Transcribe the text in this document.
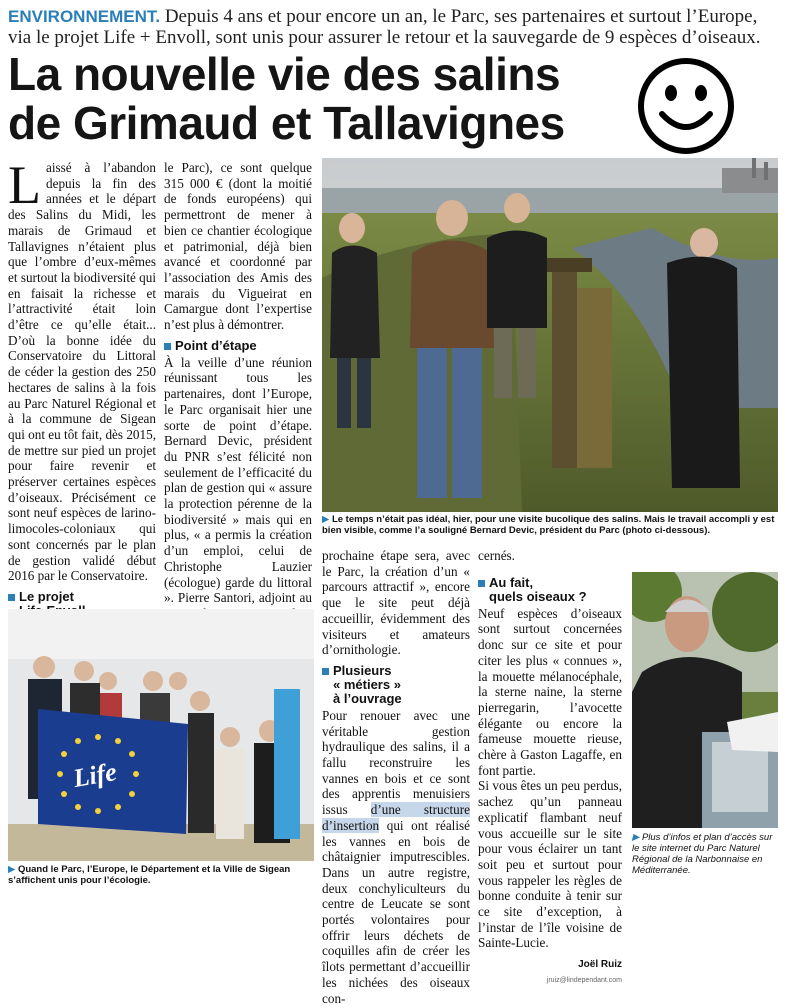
ENVIRONNEMENT. Depuis 4 ans et pour encore un an, le Parc, ses partenaires et surtout l’Europe, via le projet Life + Envoll, sont unis pour assurer le retour et la sauvegarde de 9 espèces d’oiseaux.
La nouvelle vie des salins
de Grimaud et Tallavignes

Laissé à l’abandon depuis la fin des années et le départ des Salins du Midi, les marais de Grimaud et Tallavignes n’étaient plus que l’ombre d’eux-mêmes et surtout la biodiversité qui en faisait la richesse et l’attractivité était loin d’être ce qu’elle était... D’où la bonne idée du Conservatoire du Littoral de céder la gestion des 250 hectares de salins à la fois au Parc Naturel Régional et à la commune de Sigean qui ont eu tôt fait, dès 2015, de mettre sur pied un projet pour faire revenir et préserver certaines espèces d’oiseaux. Précisément ce sont neuf espèces de larino-limocoles-coloniaux qui sont concernés par le plan de gestion validé début 2016 par le Conservatoire.

Le projet

le Parc), ce sont quelque 315 000 € (dont la moitié de fonds européens) qui permettront de mener à bien ce chantier écologique et patrimonial, déjà bien avancé et coordonné par l’association des Amis des marais du Vigueirat en Camargue dont l’expertise n’est plus à démontrer.

Point d’étape

À la veille d’une réunion réunissant tous les partenaires, dont l’Europe, le Parc organisait hier une sorte de point d’étape. Bernard Devic, président du PNR s’est félicité non seulement de l’efficacité du plan de gestion qui « assure la protection pérenne de la biodiversité » mais qui en plus, « a permis la création d’un emploi, celui de Christophe Lauzier (écologue) garde du littoral ». Pierre Santori, adjoint au

▶ Le temps n’était pas idéal, hier, pour une visite bucolique des salins. Mais le travail accompli y est bien visible, comme l’a souligné Bernard Devic, président du Parc (photo ci-dessous).

prochaine étape sera, avec le Parc, la création d’un « parcours attractif », encore que le site peut déjà accueillir, évidemment des visiteurs et amateurs d’ornithologie.

Plusieurs
« métiers »
à l’ouvrage

Pour renouer avec une véritable gestion hydraulique des salins, il a fallu reconstruire les vannes en bois et ce sont des apprentis menuisiers issus d’une structure d’insertion qui ont réalisé les vannes en bois de châtaignier imputrescibles. Dans un autre registre, deux conchyliculteurs du centre de Leucate se sont portés volontaires pour offrir leurs déchets de coquilles afin de créer les îlots permettant d’accueillir les nichées des oiseaux con-

cernés.

Au fait,
quels oiseaux ?

Neuf espèces d’oiseaux sont surtout concernées donc sur ce site et pour citer les plus « connues », la mouette mélanocéphale, la sterne naine, la sterne pierregarin, l’avocette élégante ou encore la fameuse mouette rieuse, chère à Gaston Lagaffe, en font partie.

Si vous êtes un peu perdus, sachez qu’un panneau explicatif flambant neuf vous accueille sur le site pour vous éclairer un tant soit peu et surtout pour vous rappeler les règles de bonne conduite à tenir sur ce site d’exception, à l’instar de l’île voisine de Sainte-Lucie.

Joël Ruiz
jruiz@lindependant.com
Life
▶ Quand le Parc, l’Europe, le Département et la Ville de Sigean s’affichent unis pour l’écologie.
▶ Plus d’infos et plan d’accès sur le site internet du Parc Naturel Régional de la Narbonnaise en Méditerranée.
